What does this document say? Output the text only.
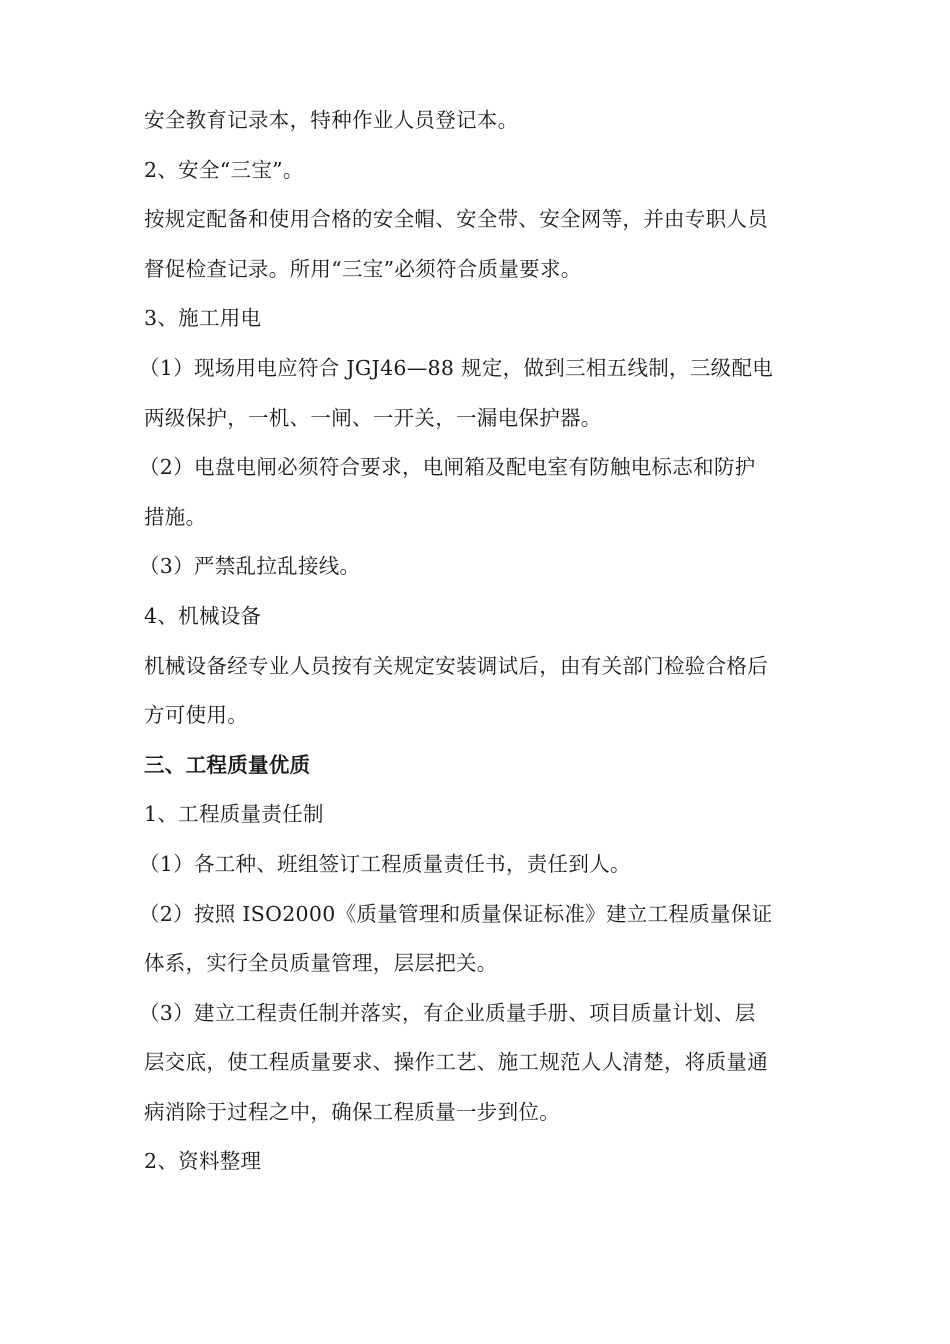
安全教育记录本，特种作业人员登记本。
2、安全“三宝”。
按规定配备和使用合格的安全帽、安全带、安全网等，并由专职人员
督促检查记录。所用“三宝”必须符合质量要求。
3、施工用电
（1）现场用电应符合 JGJ46—88 规定，做到三相五线制，三级配电
两级保护，一机、一闸、一开关，一漏电保护器。
（2）电盘电闸必须符合要求，电闸箱及配电室有防触电标志和防护
措施。
（3）严禁乱拉乱接线。
4、机械设备
机械设备经专业人员按有关规定安装调试后，由有关部门检验合格后
方可使用。
三、工程质量优质
1、工程质量责任制
（1）各工种、班组签订工程质量责任书，责任到人。
（2）按照 ISO2000《质量管理和质量保证标准》建立工程质量保证
体系，实行全员质量管理，层层把关。
（3）建立工程责任制并落实，有企业质量手册、项目质量计划、层
层交底，使工程质量要求、操作工艺、施工规范人人清楚，将质量通
病消除于过程之中，确保工程质量一步到位。
2、资料整理
